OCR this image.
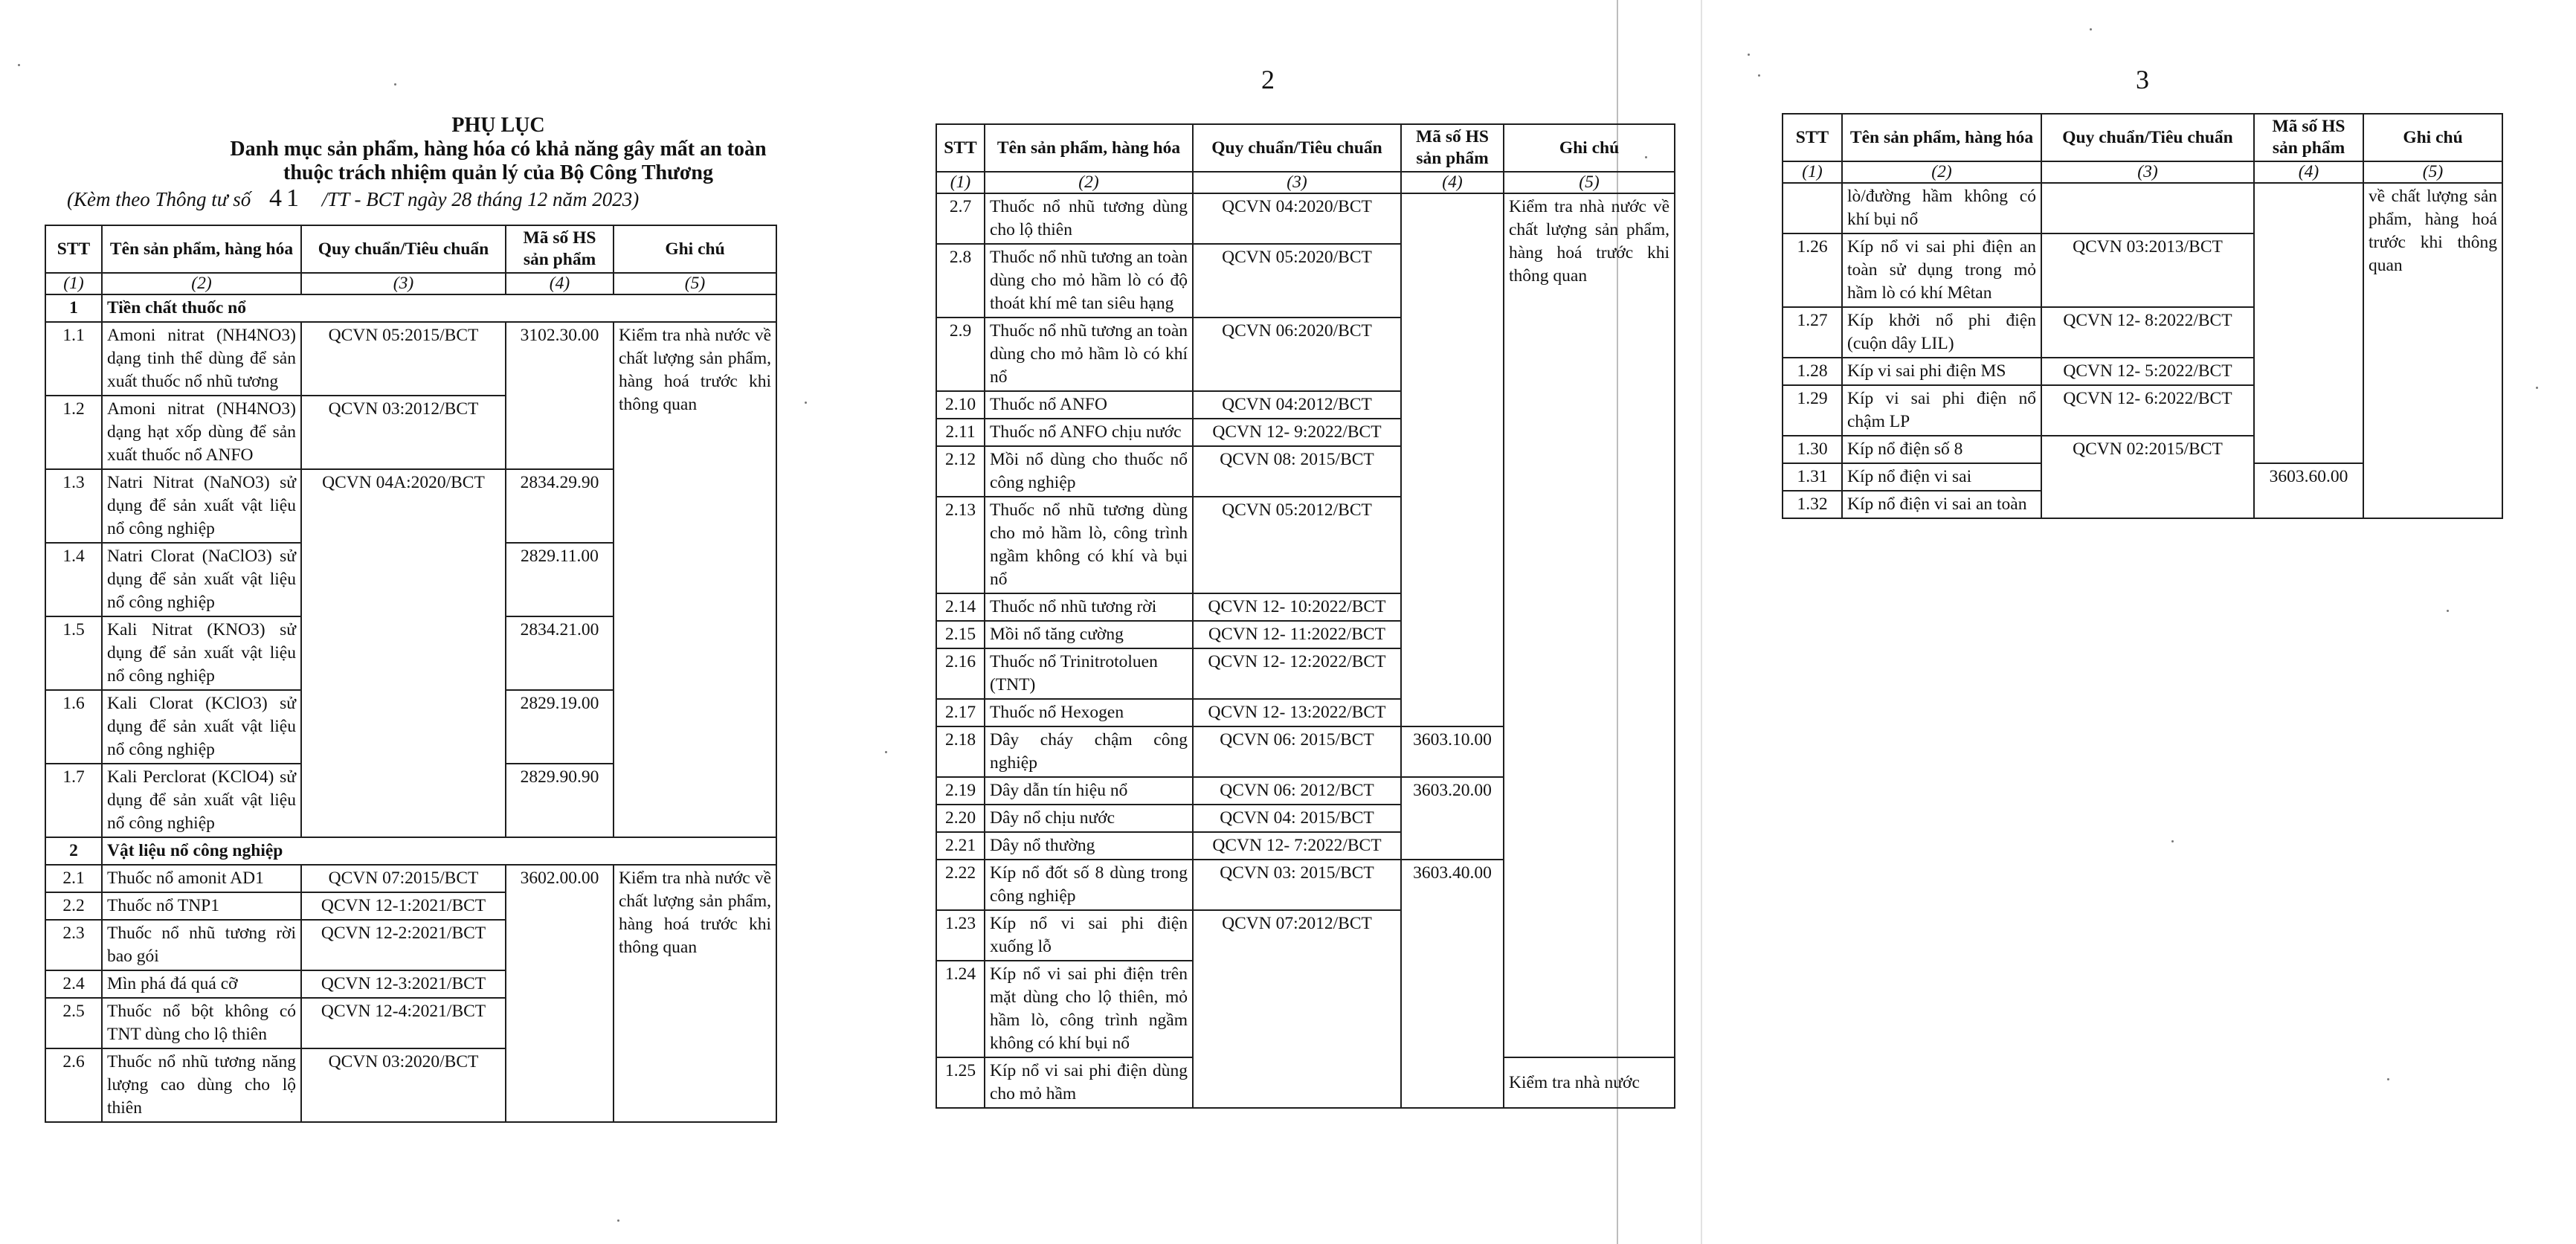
PHỤ LỤC
Danh mục sản phẩm, hàng hóa có khả năng gây mất an toàn
thuộc trách nhiệm quản lý của Bộ Công Thương
(Kèm theo Thông tư số 41 /TT - BCT ngày 28 tháng 12 năm 2023)
STT	Tên sản phẩm, hàng hóa	Quy chuẩn/Tiêu chuẩn	Mã số HS sản phẩm	Ghi chú
(1)	(2)	(3)	(4)	(5)
1	Tiền chất thuốc nổ			
1.1	Amoni nitrat (NH4NO3) dạng tinh thể dùng để sản xuất thuốc nổ nhũ tương	QCVN 05:2015/BCT	3102.30.00	Kiểm tra nhà nước về chất lượng sản phẩm, hàng hoá trước khi thông quan
1.2	Amoni nitrat (NH4NO3) dạng hạt xốp dùng để sản xuất thuốc nổ ANFO	QCVN 03:2012/BCT		
1.3	Natri Nitrat (NaNO3) sử dụng để sản xuất vật liệu nổ công nghiệp	QCVN 04A:2020/BCT	2834.29.90	
1.4	Natri Clorat (NaClO3) sử dụng để sản xuất vật liệu nổ công nghiệp		2829.11.00	
1.5	Kali Nitrat (KNO3) sử dụng để sản xuất vật liệu nổ công nghiệp		2834.21.00	
1.6	Kali Clorat (KClO3) sử dụng để sản xuất vật liệu nổ công nghiệp		2829.19.00	
1.7	Kali Perclorat (KClO4) sử dụng để sản xuất vật liệu nổ công nghiệp		2829.90.90	
2	Vật liệu nổ công nghiệp			
2.1	Thuốc nổ amonit AD1	QCVN 07:2015/BCT	3602.00.00	Kiểm tra nhà nước về chất lượng sản phẩm, hàng hoá trước khi thông quan
2.2	Thuốc nổ TNP1	QCVN 12-1:2021/BCT		
2.3	Thuốc nổ nhũ tương rời bao gói	QCVN 12-2:2021/BCT		
2.4	Mìn phá đá quá cỡ	QCVN 12-3:2021/BCT		
2.5	Thuốc nổ bột không có TNT dùng cho lộ thiên	QCVN 12-4:2021/BCT		
2.6	Thuốc nổ nhũ tương năng lượng cao dùng cho lộ thiên	QCVN 03:2020/BCT		
2
STT	Tên sản phẩm, hàng hóa	Quy chuẩn/Tiêu chuẩn	Mã số HS sản phẩm	Ghi chú
(1)	(2)	(3)	(4)	(5)
2.7	Thuốc nổ nhũ tương dùng cho lộ thiên	QCVN 04:2020/BCT		Kiểm tra nhà nước về chất lượng sản phẩm, hàng hoá trước khi thông quan
2.8	Thuốc nổ nhũ tương an toàn dùng cho mỏ hầm lò có độ thoát khí mê tan siêu hạng	QCVN 05:2020/BCT		
2.9	Thuốc nổ nhũ tương an toàn dùng cho mỏ hầm lò có khí nổ	QCVN 06:2020/BCT		
2.10	Thuốc nổ ANFO	QCVN 04:2012/BCT		
2.11	Thuốc nổ ANFO chịu nước	QCVN 12- 9:2022/BCT		
2.12	Mồi nổ dùng cho thuốc nổ công nghiệp	QCVN 08: 2015/BCT		
2.13	Thuốc nổ nhũ tương dùng cho mỏ hầm lò, công trình ngầm không có khí và bụi nổ	QCVN 05:2012/BCT		
2.14	Thuốc nổ nhũ tương rời	QCVN 12- 10:2022/BCT		
2.15	Mồi nổ tăng cường	QCVN 12- 11:2022/BCT		
2.16	Thuốc nổ Trinitrotoluen (TNT)	QCVN 12- 12:2022/BCT		
2.17	Thuốc nổ Hexogen	QCVN 12- 13:2022/BCT		
2.18	Dây cháy chậm công nghiệp	QCVN 06: 2015/BCT	3603.10.00	
2.19	Dây dẫn tín hiệu nổ	QCVN 06: 2012/BCT	3603.20.00	
2.20	Dây nổ chịu nước	QCVN 04: 2015/BCT		
2.21	Dây nổ thường	QCVN 12- 7:2022/BCT		
2.22	Kíp nổ đốt số 8 dùng trong công nghiệp	QCVN 03: 2015/BCT	3603.40.00	
1.23	Kíp nổ vi sai phi điện xuống lỗ	QCVN 07:2012/BCT		
1.24	Kíp nổ vi sai phi điện trên mặt dùng cho lộ thiên, mỏ hầm lò, công trình ngầm không có khí bụi nổ			
1.25	Kíp nổ vi sai phi điện dùng cho mỏ hầm			Kiểm tra nhà nước
3
STT	Tên sản phẩm, hàng hóa	Quy chuẩn/Tiêu chuẩn	Mã số HS sản phẩm	Ghi chú
(1)	(2)	(3)	(4)	(5)
	lò/đường hầm không có khí bụi nổ			về chất lượng sản phẩm, hàng hoá trước khi thông quan
1.26	Kíp nổ vi sai phi điện an toàn sử dụng trong mỏ hầm lò có khí Mêtan	QCVN 03:2013/BCT		
1.27	Kíp khởi nổ phi điện (cuộn dây LIL)	QCVN 12- 8:2022/BCT		
1.28	Kíp vi sai phi điện MS	QCVN 12- 5:2022/BCT		
1.29	Kíp vi sai phi điện nổ chậm LP	QCVN 12- 6:2022/BCT		
1.30	Kíp nổ điện số 8	QCVN 02:2015/BCT		
1.31	Kíp nổ điện vi sai		3603.60.00	
1.32	Kíp nổ điện vi sai an toàn			
